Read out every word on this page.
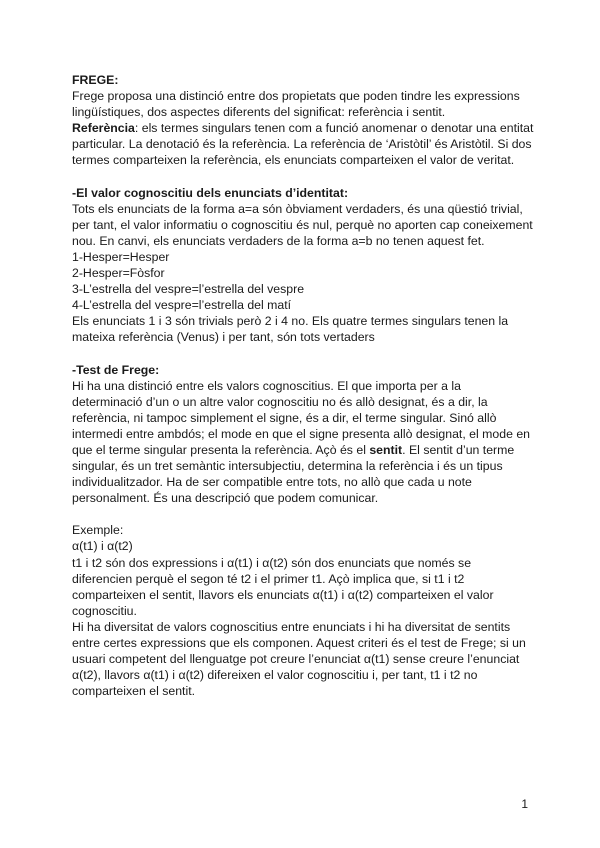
FREGE:
Frege proposa una distinció entre dos propietats que poden tindre les expressions
lingüístiques, dos aspectes diferents del significat: referència i sentit.
Referència: els termes singulars tenen com a funció anomenar o denotar una entitat
particular. La denotació és la referència. La referència de ‘Aristòtil’ és Aristòtil. Si dos
termes comparteixen la referència, els enunciats comparteixen el valor de veritat.
-El valor cognoscitiu dels enunciats d’identitat:
Tots els enunciats de la forma a=a són òbviament verdaders, és una qüestió trivial,
per tant, el valor informatiu o cognoscitiu és nul, perquè no aporten cap coneixement
nou. En canvi, els enunciats verdaders de la forma a=b no tenen aquest fet.
1-Hesper=Hesper
2-Hesper=Fòsfor
3-L’estrella del vespre=l’estrella del vespre
4-L’estrella del vespre=l’estrella del matí
Els enunciats 1 i 3 són trivials però 2 i 4 no. Els quatre termes singulars tenen la
mateixa referència (Venus) i per tant, són tots vertaders
-Test de Frege:
Hi ha una distinció entre els valors cognoscitius. El que importa per a la
determinació d’un o un altre valor cognoscitiu no és allò designat, és a dir, la
referència, ni tampoc simplement el signe, és a dir, el terme singular. Sinó allò
intermedi entre ambdós; el mode en que el signe presenta allò designat, el mode en
que el terme singular presenta la referència. Açò és el sentit. El sentit d’un terme
singular, és un tret semàntic intersubjectiu, determina la referència i és un tipus
individualitzador. Ha de ser compatible entre tots, no allò que cada u note
personalment. És una descripció que podem comunicar.
Exemple:
α(t1) i α(t2)
t1 i t2 són dos expressions i α(t1) i α(t2) són dos enunciats que només se
diferencien perquè el segon té t2 i el primer t1. Açò implica que, si t1 i t2
comparteixen el sentit, llavors els enunciats α(t1) i α(t2) comparteixen el valor
cognoscitiu.
Hi ha diversitat de valors cognoscitius entre enunciats i hi ha diversitat de sentits
entre certes expressions que els componen. Aquest criteri és el test de Frege; si un
usuari competent del llenguatge pot creure l’enunciat α(t1) sense creure l’enunciat
α(t2), llavors α(t1) i α(t2) difereixen el valor cognoscitiu i, per tant, t1 i t2 no
comparteixen el sentit.
1
